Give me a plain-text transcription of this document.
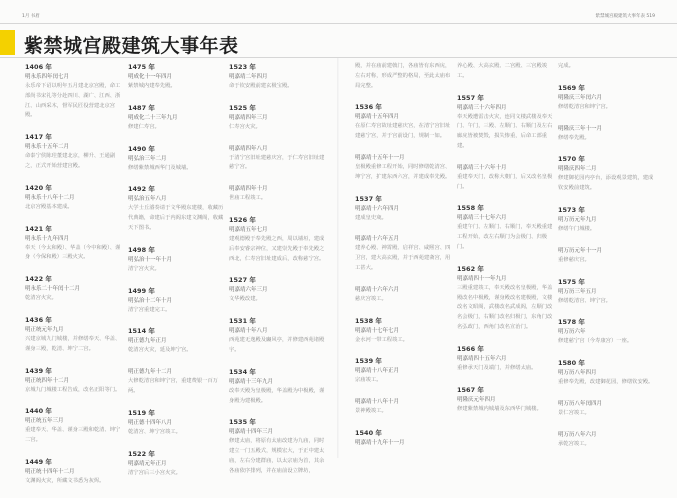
1月 书眉	紫禁城宫殿建筑大事年表 519
紫禁城宫殿建筑大事年表
1406 年
明永乐四年闰七月
永乐帝下诏以明年五月建北京宫殿，命工部尚书宋礼等分赴四川、湖广、江西、浙江、山西采木，督军民匠役营建北京宫殿。
1417 年
明永乐十五年二月
命泰宁侯陈珪董建北京，柳升、王通副之，正式开始营建宫殿。
1420 年
明永乐十八年十二月
北京宫殿基本建成。
1421 年
明永乐十九年四月
奉天（今太和殿）、华盖（今中和殿）、谨身（今保和殿）三殿火灾。
1422 年
明永乐二十年闰十二月
乾清宫火灾。
1436 年
明正统元年九月
兴建京城九门城楼，并修缮奉天、华盖、谨身三殿，乾清、坤宁二宫。
1439 年
明正统四年十二月
京城九门城楼工程告成，改名正阳等门。
1440 年
明正统五年三月
重建奉天、华盖、谨身三殿和乾清、坤宁二宫。
1449 年
明正统十四年十二月
文渊阁火灾，所藏文书悉为灰烬。
1475 年
明成化十一年四月
紫禁城内建奉先殿。
1487 年
明成化二十三年九月
修建仁寿宫。
1490 年
明弘治三年二月
修缮紫禁城西华门及城墙。
1492 年
明弘治五年八月
大学士丘濬奏请于文华殿东建楼，收藏历代典籍，命建后于内阁东建文渊阁，收藏天下图书。
1498 年
明弘治十一年十月
清宁宫火灾。
1499 年
明弘治十二年十月
清宁宫重建完工。
1514 年
明正德九年正月
乾清宫火灾，延及坤宁宫。
明正德九年十二月
大修乾清宫和坤宁宫，重建费银一百万两。
1519 年
明正德十四年八月
乾清宫、坤宁宫竣工。
1522 年
明嘉靖元年正月
清宁宫后三小宫火灾。
1523 年
明嘉靖二年四月
命于钦安殿前建玄极宝殿。
1525 年
明嘉靖四年三月
仁寿宫火灾。
明嘉靖四年八月
于清宁宫旧址建慈庆宫，于仁寿宫旧址建慈宁宫。
明嘉靖四年十月
世庙工程竣工。
1526 年
明嘉靖五年七月
建观德殿于奉先殿之西，周以墙垣，建成后奉安睿宗神位，又建崇先殿于奉先殿之西北，仁寿宫旧址建成后，改称慈宁宫。
1527 年
明嘉靖六年三月
文华殿改建。
1531 年
明嘉靖十年八月
西苑建无逸殿及豳风亭，并修建西苑诸殿宇。
1534 年
明嘉靖十三年九月
改奉天殿为皇极殿，华盖殿为中极殿，谨身殿为建极殿。
1535 年
明嘉靖十四年三月
修建太庙，将原有太庙改建为九庙，同时建立一门五殿式，规模宏大，于正中建太庙，左右分建群庙，以太宗庙为首，其余各庙依序排列，并在庙前设立牌坊，
殿，并在庙前建戟门，各庙皆有东西庑，左右对称，形成严整的格局，至此太庙布局完整。
1536 年
明嘉靖十五年四月
在原仁寿宫故址建慈庆宫，在清宁宫旧址建慈宁宫，并于宫前设门，规制一如。
明嘉靖十五年十一月
皇极殿重修工程开始，同时修缮乾清宫、坤宁宫，扩建东西六宫，并建成奉先殿。
1537 年
明嘉靖十六年四月
建成皇史宬。
明嘉靖十六年五月
建养心殿、神霄殿、启祥宫、咸熙宫、四卫宫，建大高玄殿，并于西苑建斋宫，用工甚大。
明嘉靖十六年六月
慈庆宫竣工。
1538 年
明嘉靖十七年七月
金水河一带工程竣工。
1539 年
明嘉靖十八年正月
宗庙竣工。
明嘉靖十八年十月
景神殿竣工。
1540 年
明嘉靖十九年十一月
养心殿、大高玄殿、二宫殿、三宫殿竣工。
1557 年
明嘉靖三十六年四月
奉天殿遭雷击火灾，连同文楼武楼及奉天门、午门，三殿、左顺门、右顺门及左右廊庑皆被焚毁，损失惨重，后命工部重建。
明嘉靖三十六年十月
重建奉天门，改称大朝门，后又改名皇极门。
1558 年
明嘉靖三十七年六月
重建午门、左顺门、右顺门，奉天殿重建工程开始，改左右顺门为会极门、归极门。
1562 年
明嘉靖四十一年九月
三殿重建竣工，奉天殿改名皇极殿，华盖殿改名中极殿，谨身殿改名建极殿，文楼改名文昭阁，武楼改名武成阁，左顺门改名会极门，右顺门改名归极门，东角门改名弘政门，西角门改名宣治门。
1566 年
明嘉靖四十五年六月
重修承天门及端门，并修缮太庙。
1567 年
明隆庆元年四月
修建紫禁城内城墙及东西华门城楼。
完成。
1569 年
明隆庆三年闰六月
修缮乾清宫和坤宁宫。
明隆庆三年十一月
修缮奉先殿。
1570 年
明隆庆四年二月
修建御花园内亭台，添设观景建筑，建成钦安殿前建筑。
1573 年
明万历元年九月
修缮午门城楼。
明万历元年十一月
重修慈庆宫。
1575 年
明万历三年五月
修缮乾清宫、坤宁宫。
1578 年
明万历六年
修建慈宁宫（今寿康宫）一座。
1580 年
明万历八年四月
重修奉先殿，改建御花园，修缮钦安殿。
明万历八年闰四月
景仁宫竣工。
明万历八年六月
承乾宫竣工。
